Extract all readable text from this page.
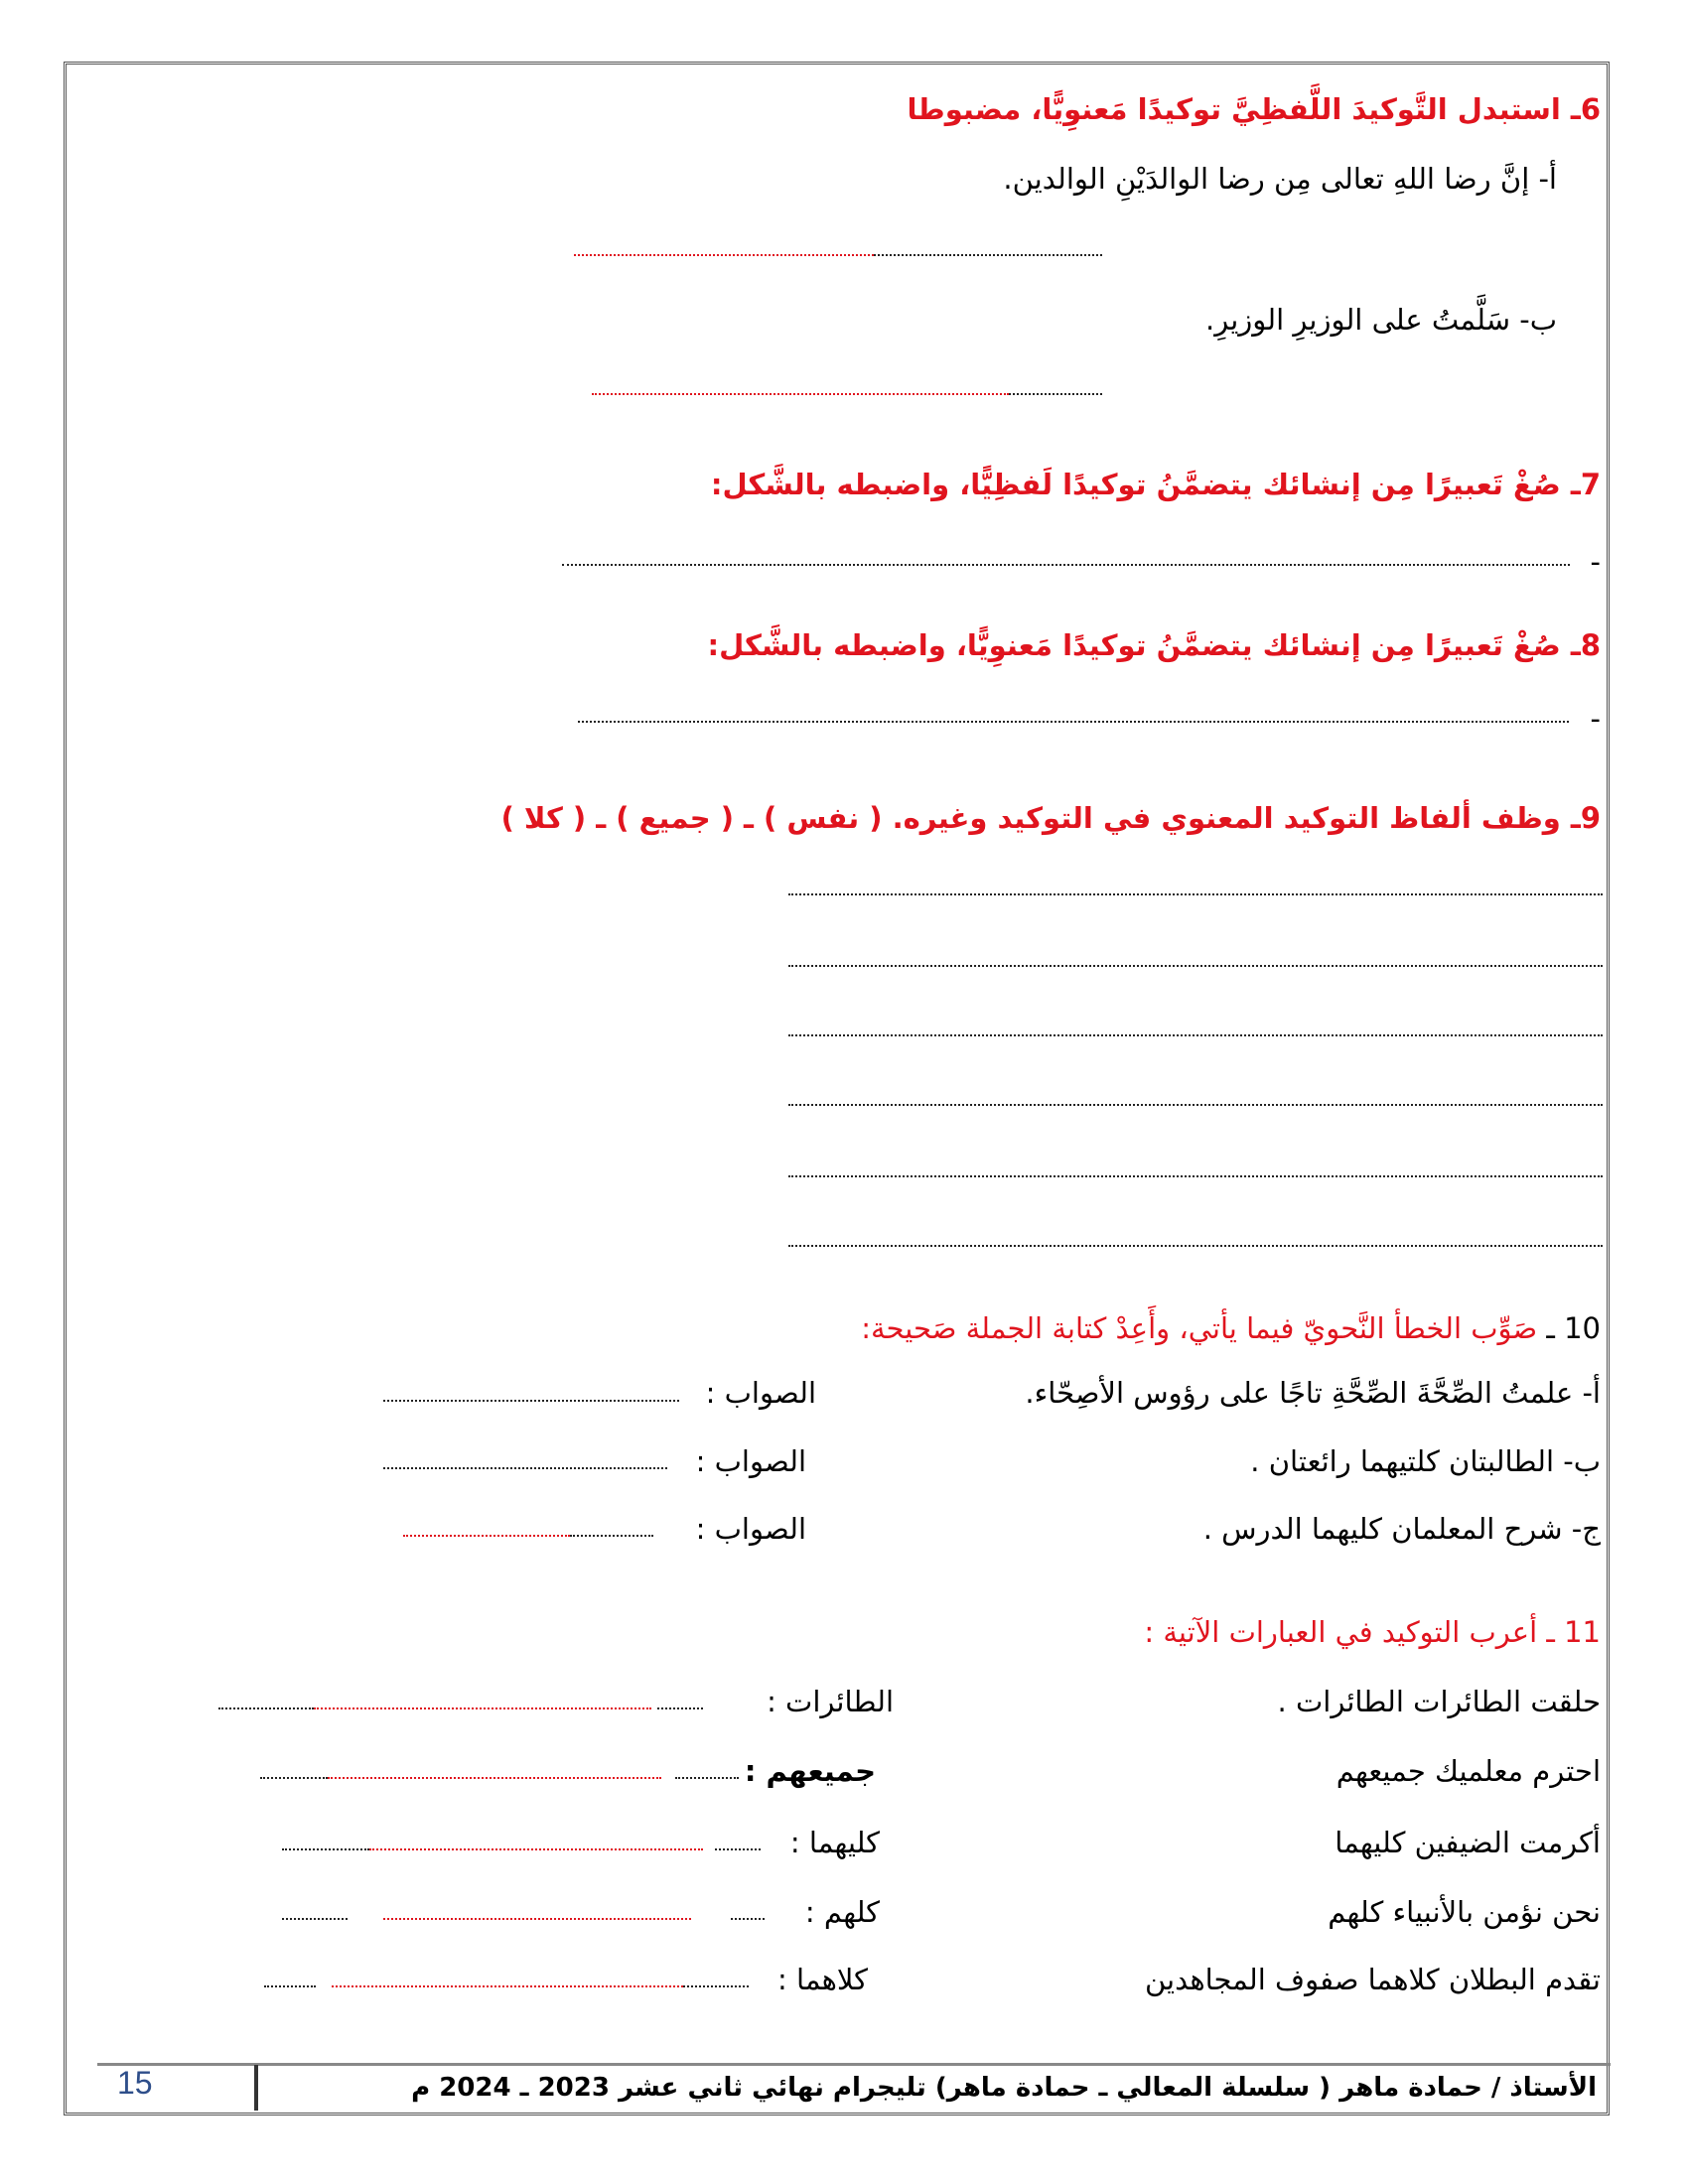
6ـ استبدل التَّوكيدَ اللَّفظِيَّ توكيدًا مَعنوِيًّا، مضبوطا
أ- إنَّ رضا اللهِ تعالى مِن رضا الوالدَيْنِ الوالدين.
ب- سَلَّمتُ على الوزيرِ الوزيرِ.
7ـ صُغْ تَعبيرًا مِن إنشائك يتضمَّنُ توكيدًا لَفظِيًّا، واضبطه بالشَّكل:
-
8ـ صُغْ تَعبيرًا مِن إنشائك يتضمَّنُ توكيدًا مَعنوِيًّا، واضبطه بالشَّكل:
-
9ـ وظف ألفاظ التوكيد المعنوي في التوكيد وغيره. ( نفس ) ـ ( جميع ) ـ ( كلا )
10 ـ صَوِّب الخطأ النَّحويّ فيما يأتي، وأَعِدْ كتابة الجملة صَحيحة:
أ- علمتُ الصِّحَّةَ الصِّحَّةِ تاجًا على رؤوس الأصِحّاء.
الصواب :
ب- الطالبتان كلتيهما رائعتان .
الصواب :
ج- شرح المعلمان كليهما الدرس .
الصواب :
11 ـ أعرب التوكيد في العبارات الآتية :
حلقت الطائرات الطائرات .
الطائرات :
احترم معلميك جميعهم
جميعهم :
أكرمت الضيفين كليهما
كليهما :
نحن نؤمن بالأنبياء كلهم
كلهم :
تقدم البطلان كلاهما صفوف المجاهدين
كلاهما :
الأستاذ / حمادة ماهر ( سلسلة المعالي ـ حمادة ماهر) تليجرام نهائي ثاني عشر 2023 ـ 2024 م
15
